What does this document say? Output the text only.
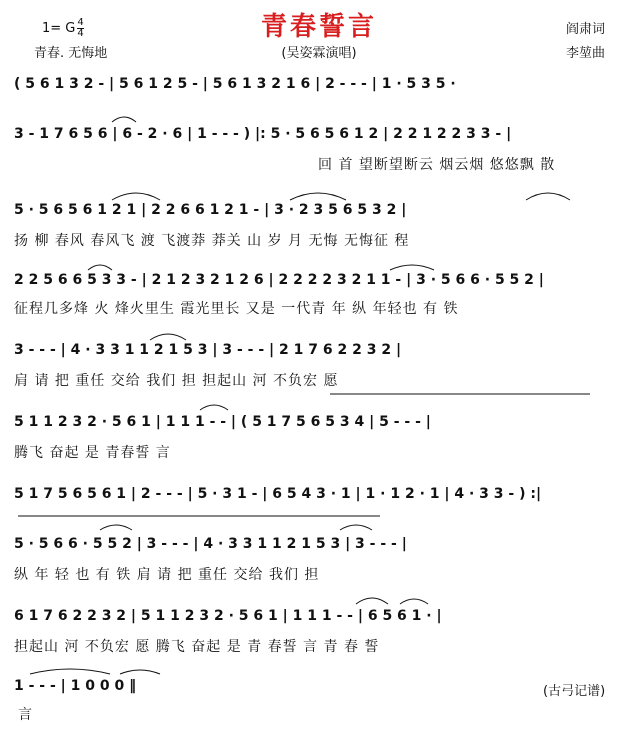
青春誓言
1= G $\frac{4}{4}$
青春. 无悔地	(吴姿霖演唱)
阎肃词
李堃曲
( 5 6 1 3 2 - | 5 6 1 2 5 - | 5 6 1 3 2 1 6 | 2 - - - | 1 · 5 3 5 ·
3 - 1 7 6 5 6 | 6 - 2 · 6 | 1 - - - ) |: 5 · 5 6 5 6 1 2 | 2 2 1 2 2 3 3 - |
回 首 望断望断云 烟云烟 悠悠飘 散
5 · 5 6 5 6 1 2 1 | 2 2 6 6 1 2 1 - | 3 · 2 3 5 6 5 3 2 |
扬 柳 春风 春风飞 渡 飞渡莽 莽关 山 岁 月 无悔 无悔征 程
2 2 5 6 6 5 3 3 - | 2 1 2 3 2 1 2 6 | 2 2 2 2 3 2 1 1 - | 3 · 5 6 6 · 5 5 2 |
征程几多烽 火 烽火里生 霞光里长 又是 一代青 年 纵 年轻也 有 铁
3 - - - | 4 · 3 3 1 1 2 1 5 3 | 3 - - - | 2 1 7 6 2 2 3 2 |
肩 请 把 重任 交给 我们 担 担起山 河 不负宏 愿
5 1 1 2 3 2 · 5 6 1 | 1 1 1 - - | ( 5 1 7 5 6 5 3 4 | 5 - - - |
腾飞 奋起 是 青春誓 言
5 1 7 5 6 5 6 1 | 2 - - - | 5 · 3 1 - | 6 5 4 3 · 1 | 1 · 1 2 · 1 | 4 · 3 3 - ) :|
5 · 5 6 6 · 5 5 2 | 3 - - - | 4 · 3 3 1 1 2 1 5 3 | 3 - - - |
纵 年 轻 也 有 铁 肩 请 把 重任 交给 我们 担
6 1 7 6 2 2 3 2 | 5 1 1 2 3 2 · 5 6 1 | 1 1 1 - - | 6 5 6 1 · |
担起山 河 不负宏 愿 腾飞 奋起 是 青 春誓 言 青 春 誓
1 - - - | 1 0 0 0 ‖
言
(古弓记谱)
